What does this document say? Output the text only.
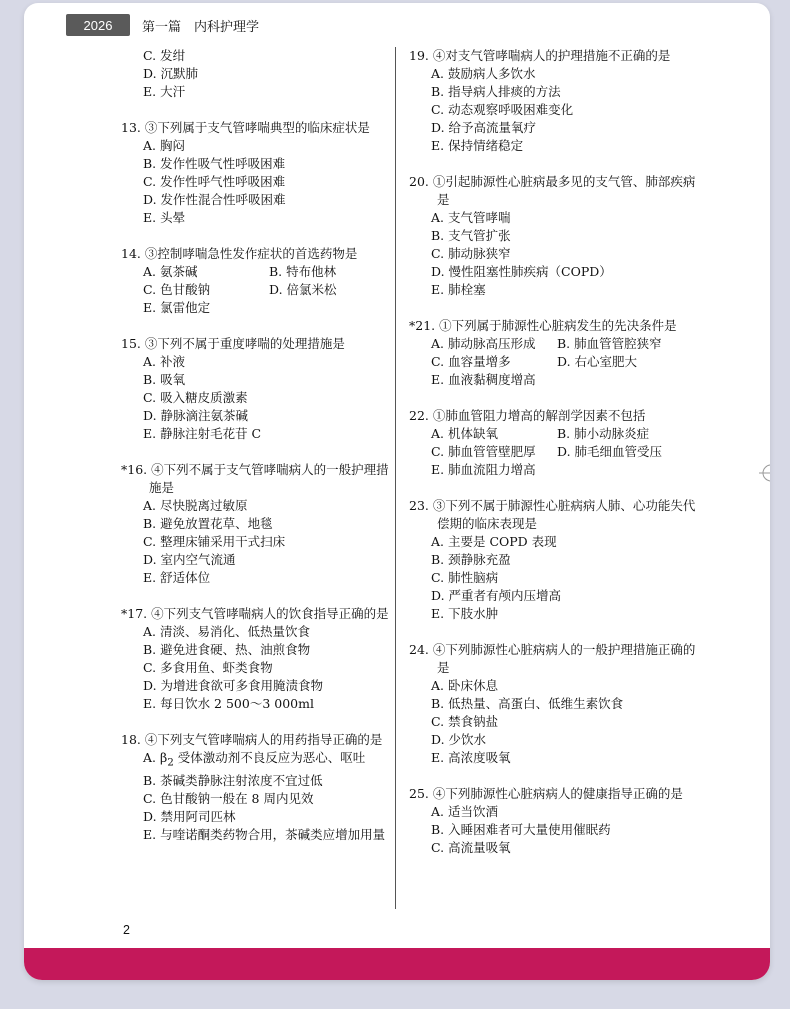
2026	第一篇　内科护理学
C. 发绀
D. 沉默肺
E. 大汗
13. ③下列属于支气管哮喘典型的临床症状是
A. 胸闷
B. 发作性吸气性呼吸困难
C. 发作性呼气性呼吸困难
D. 发作性混合性呼吸困难
E. 头晕
14. ③控制哮喘急性发作症状的首选药物是
A. 氨茶碱	B. 特布他林
C. 色甘酸钠	D. 倍氯米松
E. 氯雷他定
15. ③下列不属于重度哮喘的处理措施是
A. 补液
B. 吸氧
C. 吸入糖皮质激素
D. 静脉滴注氨茶碱
E. 静脉注射毛花苷 C
*16. ④下列不属于支气管哮喘病人的一般护理措施是
A. 尽快脱离过敏原
B. 避免放置花草、地毯
C. 整理床铺采用干式扫床
D. 室内空气流通
E. 舒适体位
*17. ④下列支气管哮喘病人的饮食指导正确的是
A. 清淡、易消化、低热量饮食
B. 避免进食硬、热、油煎食物
C. 多食用鱼、虾类食物
D. 为增进食欲可多食用腌渍食物
E. 每日饮水 2 500～3 000ml
18. ④下列支气管哮喘病人的用药指导正确的是
A. $\beta_2$ 受体激动剂不良反应为恶心、呕吐
B. 茶碱类静脉注射浓度不宜过低
C. 色甘酸钠一般在 8 周内见效
D. 禁用阿司匹林
E. 与喹诺酮类药物合用，茶碱类应增加用量
19. ④对支气管哮喘病人的护理措施不正确的是
A. 鼓励病人多饮水
B. 指导病人排痰的方法
C. 动态观察呼吸困难变化
D. 给予高流量氧疗
E. 保持情绪稳定
20. ①引起肺源性心脏病最多见的支气管、肺部疾病是
A. 支气管哮喘
B. 支气管扩张
C. 肺动脉狭窄
D. 慢性阻塞性肺疾病（COPD）
E. 肺栓塞
*21. ①下列属于肺源性心脏病发生的先决条件是
A. 肺动脉高压形成	B. 肺血管管腔狭窄
C. 血容量增多	D. 右心室肥大
E. 血液黏稠度增高
22. ①肺血管阻力增高的解剖学因素不包括
A. 机体缺氧	B. 肺小动脉炎症
C. 肺血管管壁肥厚	D. 肺毛细血管受压
E. 肺血流阻力增高
23. ③下列不属于肺源性心脏病病人肺、心功能失代偿期的临床表现是
A. 主要是 COPD 表现
B. 颈静脉充盈
C. 肺性脑病
D. 严重者有颅内压增高
E. 下肢水肿
24. ④下列肺源性心脏病病人的一般护理措施正确的是
A. 卧床休息
B. 低热量、高蛋白、低维生素饮食
C. 禁食钠盐
D. 少饮水
E. 高浓度吸氧
25. ④下列肺源性心脏病病人的健康指导正确的是
A. 适当饮酒
B. 入睡困难者可大量使用催眠药
C. 高流量吸氧
2
